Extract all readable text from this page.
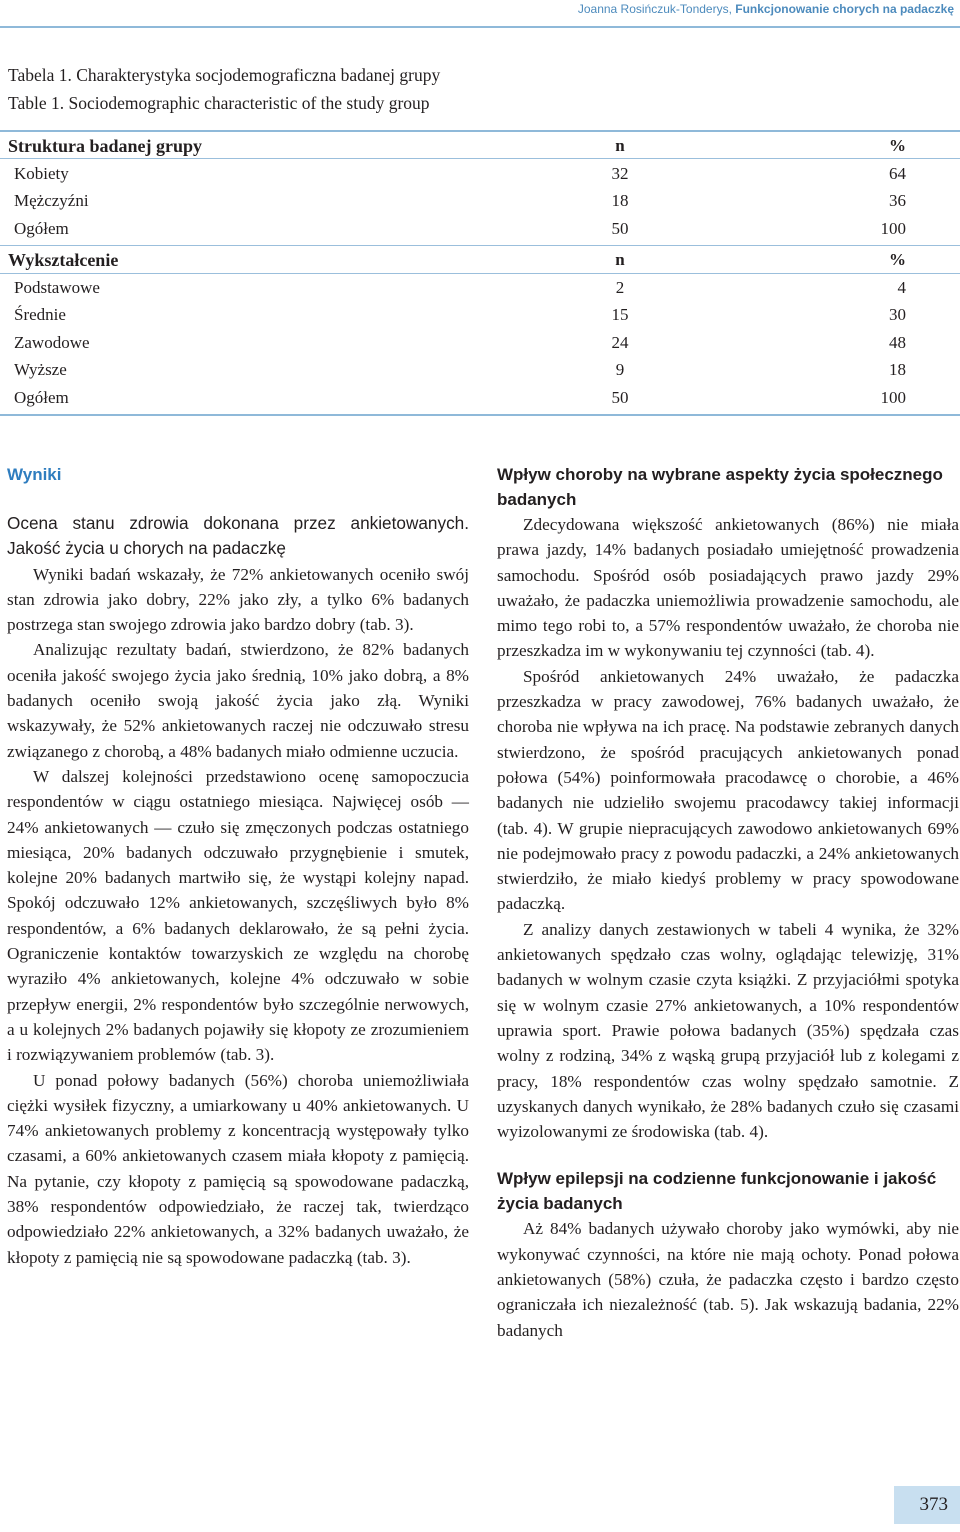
Joanna Rosińczuk-Tonderys, Funkcjonowanie chorych na padaczkę
Tabela 1. Charakterystyka socjodemograficzna badanej grupy
Table 1. Sociodemographic characteristic of the study group
Struktura badanej grupy	n	%
Kobiety	32	64
Mężczyźni	18	36
Ogółem	50	100
Wykształcenie	n	%
Podstawowe	2	4
Średnie	15	30
Zawodowe	24	48
Wyższe	9	18
Ogółem	50	100
Wyniki

Ocena stanu zdrowia dokonana przez ankietowanych. Jakość życia u chorych na padaczkę

Wyniki badań wskazały, że 72% ankietowanych oceniło swój stan zdrowia jako dobry, 22% jako zły, a tylko 6% badanych postrzega stan swojego zdrowia jako bardzo dobry (tab. 3).

Analizując rezultaty badań, stwierdzono, że 82% badanych oceniła jakość swojego życia jako średnią, 10% jako dobrą, a 8% badanych oceniło swoją jakość życia jako złą. Wyniki wskazywały, że 52% ankietowanych raczej nie odczuwało stresu związanego z chorobą, a 48% badanych miało odmienne uczucia.

W dalszej kolejności przedstawiono ocenę samopoczucia respondentów w ciągu ostatniego miesiąca. Najwięcej osób — 24% ankietowanych — czuło się zmęczonych podczas ostatniego miesiąca, 20% badanych odczuwało przygnębienie i smutek, kolejne 20% badanych martwiło się, że wystąpi kolejny napad. Spokój odczuwało 12% ankietowanych, szczęśliwych było 8% respondentów, a 6% badanych deklarowało, że są pełni życia. Ograniczenie kontaktów towarzyskich ze względu na chorobę wyraziło 4% ankietowanych, kolejne 4% odczuwało w sobie przepływ energii, 2% respondentów było szczególnie nerwowych, a u kolejnych 2% badanych pojawiły się kłopoty ze zrozumieniem i rozwiązywaniem problemów (tab. 3).

U ponad połowy badanych (56%) choroba uniemożliwiała ciężki wysiłek fizyczny, a umiarkowany u 40% ankietowanych. U 74% ankietowanych problemy z koncentracją występowały tylko czasami, a 60% ankietowanych czasem miała kłopoty z pamięcią. Na pytanie, czy kłopoty z pamięcią są spowodowane padaczką, 38% respondentów odpowiedziało, że raczej tak, twierdząco odpowiedziało 22% ankietowanych, a 32% badanych uważało, że kłopoty z pamięcią nie są spowodowane padaczką (tab. 3).

Wpływ choroby na wybrane aspekty życia społecznego badanych

Zdecydowana większość ankietowanych (86%) nie miała prawa jazdy, 14% badanych posiadało umiejętność prowadzenia samochodu. Spośród osób posiadających prawo jazdy 29% uważało, że padaczka uniemożliwia prowadzenie samochodu, ale mimo tego robi to, a 57% respondentów uważało, że choroba nie przeszkadza im w wykonywaniu tej czynności (tab. 4).

Spośród ankietowanych 24% uważało, że padaczka przeszkadza w pracy zawodowej, 76% badanych uważało, że choroba nie wpływa na ich pracę. Na podstawie zebranych danych stwierdzono, że spośród pracujących ankietowanych ponad połowa (54%) poinformowała pracodawcę o chorobie, a 46% badanych nie udzieliło swojemu pracodawcy takiej informacji (tab. 4). W grupie niepracujących zawodowo ankietowanych 69% nie podejmowało pracy z powodu padaczki, a 24% ankietowanych stwierdziło, że miało kiedyś problemy w pracy spowodowane padaczką.

Z analizy danych zestawionych w tabeli 4 wynika, że 32% ankietowanych spędzało czas wolny, oglądając telewizję, 31% badanych w wolnym czasie czyta książki. Z przyjaciółmi spotyka się w wolnym czasie 27% ankietowanych, a 10% respondentów uprawia sport. Prawie połowa badanych (35%) spędzała czas wolny z rodziną, 34% z wąską grupą przyjaciół lub z kolegami z pracy, 18% respondentów czas wolny spędzało samotnie. Z uzyskanych danych wynikało, że 28% badanych czuło się czasami wyizolowanymi ze środowiska (tab. 4).

Wpływ epilepsji na codzienne funkcjonowanie i jakość życia badanych

Aż 84% badanych używało choroby jako wymówki, aby nie wykonywać czynności, na które nie mają ochoty. Ponad połowa ankietowanych (58%) czuła, że padaczka często i bardzo często ograniczała ich niezależność (tab. 5). Jak wskazują badania, 22% badanych

373
